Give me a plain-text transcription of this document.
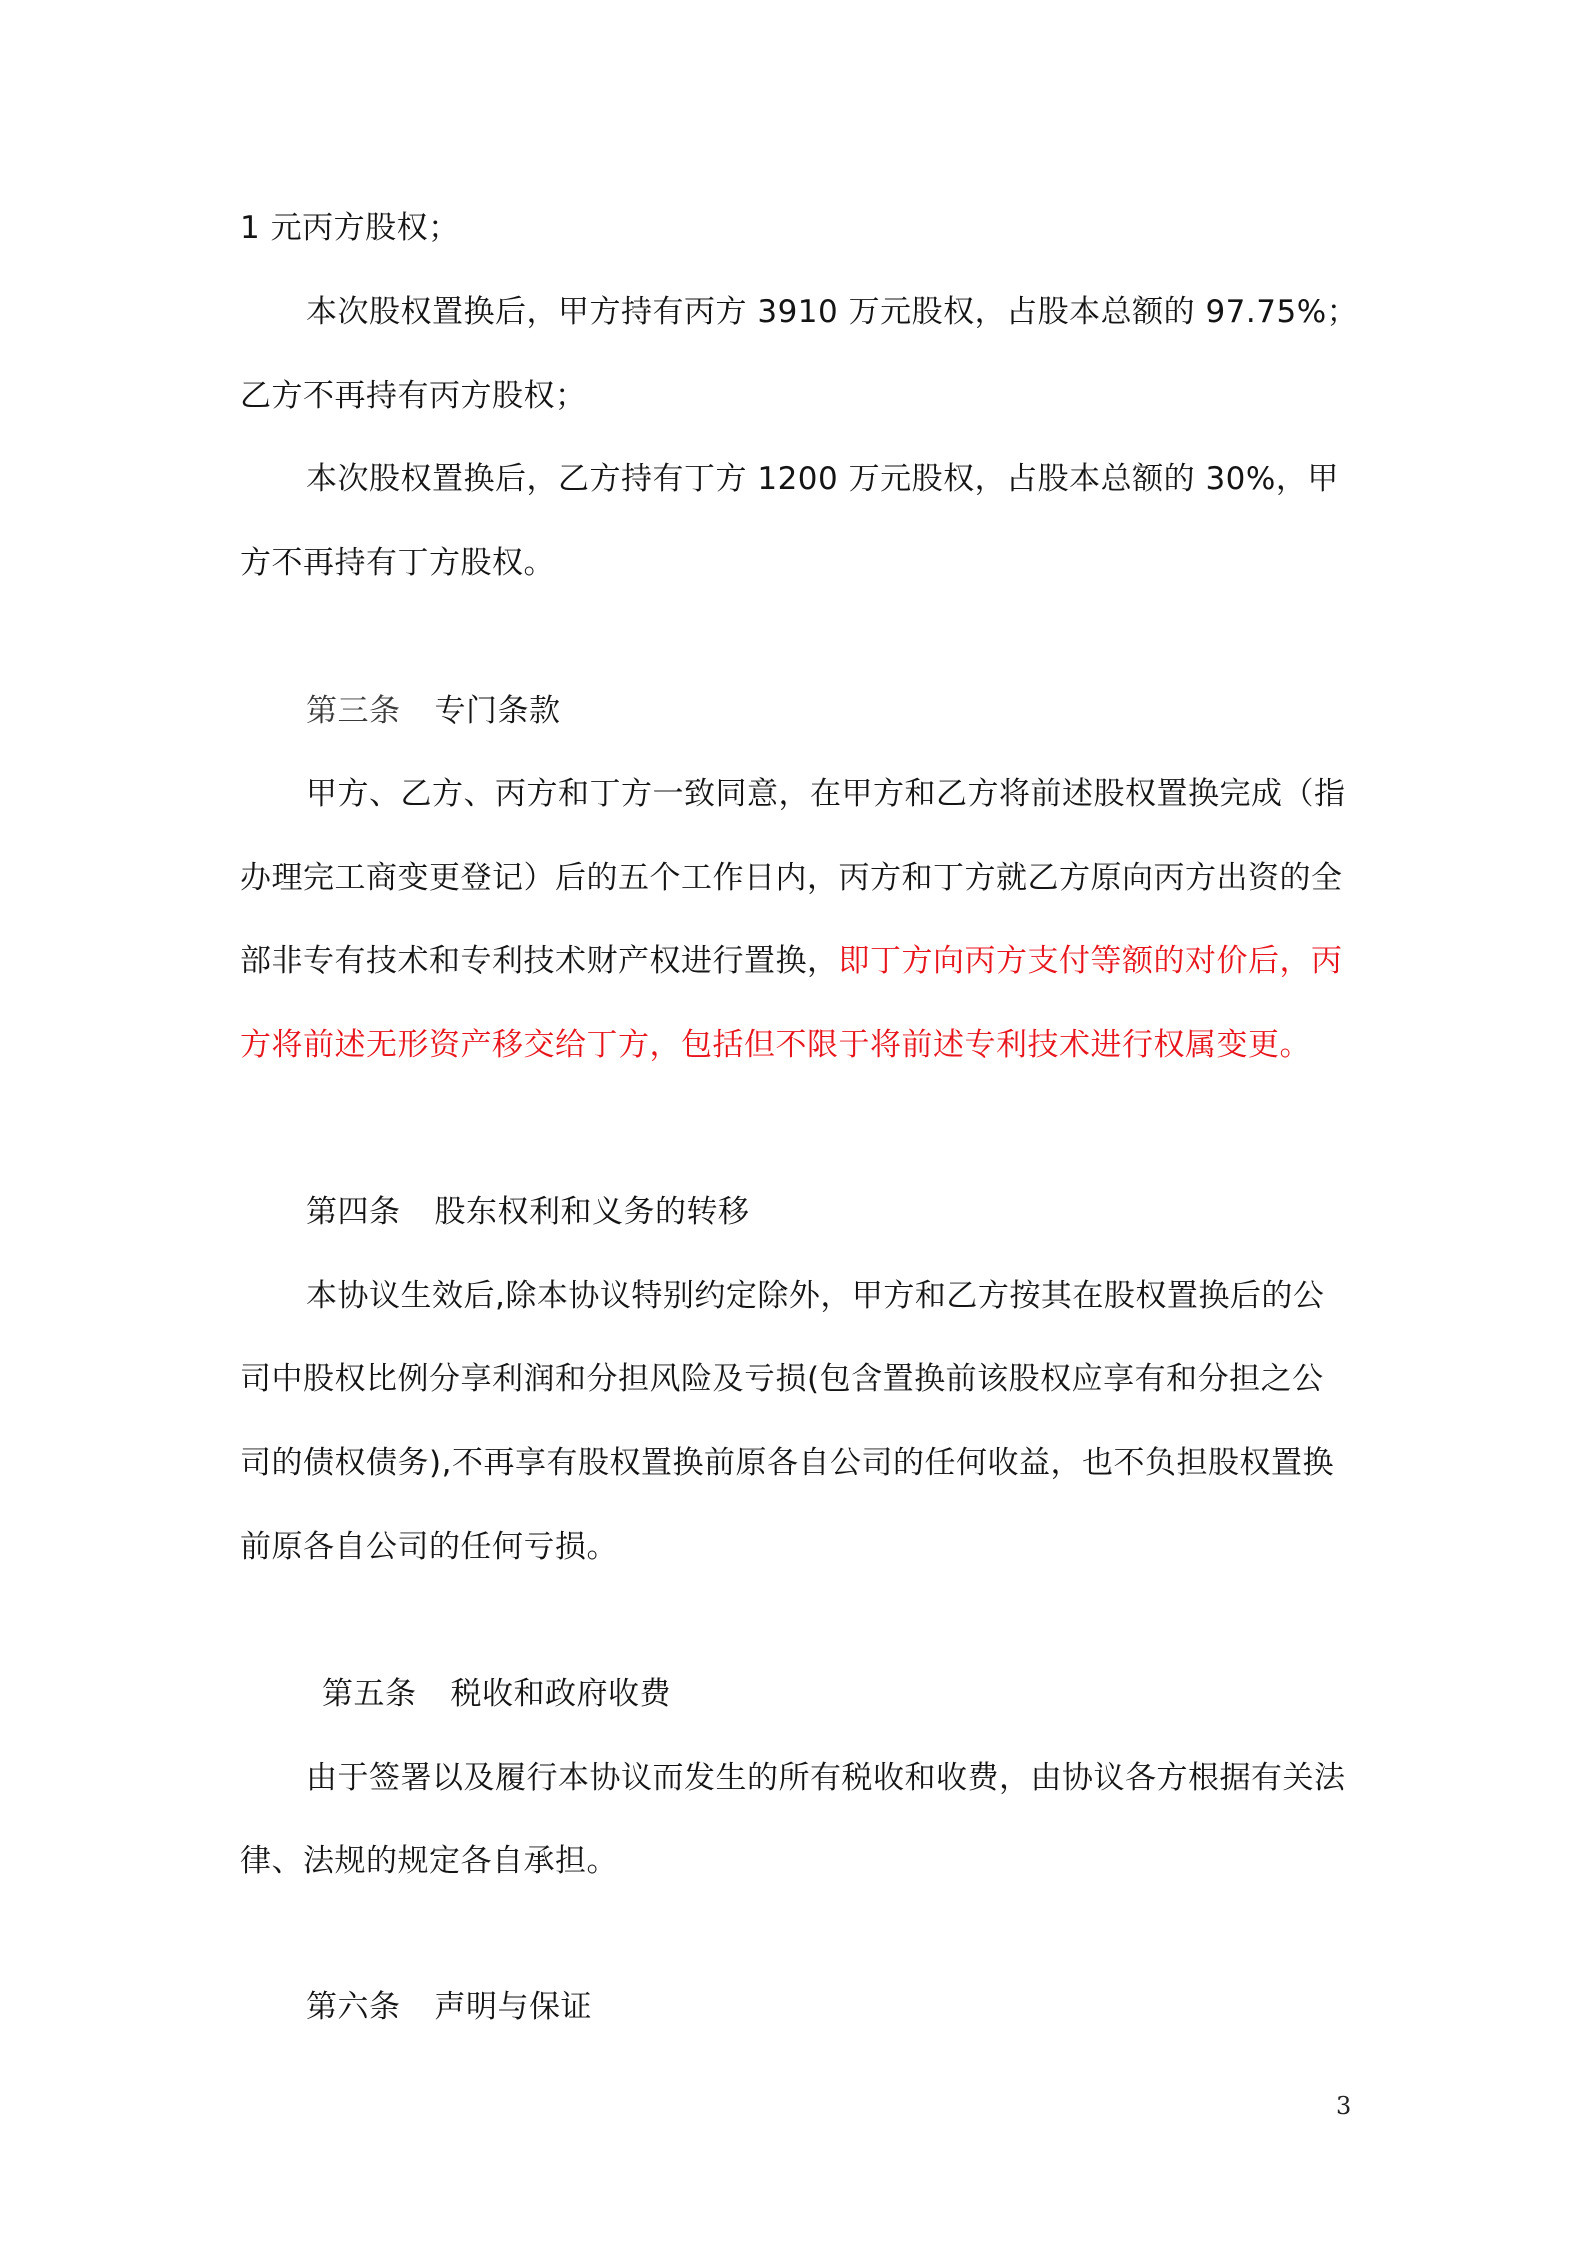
1 元丙方股权；
本次股权置换后，甲方持有丙方 3910 万元股权，占股本总额的 97.75%；
乙方不再持有丙方股权；
本次股权置换后，乙方持有丁方 1200 万元股权，占股本总额的 30%，甲
方不再持有丁方股权。
第三条 专门条款
甲方、乙方、丙方和丁方一致同意，在甲方和乙方将前述股权置换完成（指
办理完工商变更登记）后的五个工作日内，丙方和丁方就乙方原向丙方出资的全
部非专有技术和专利技术财产权进行置换，即丁方向丙方支付等额的对价后，丙
方将前述无形资产移交给丁方，包括但不限于将前述专利技术进行权属变更。
第四条 股东权利和义务的转移
本协议生效后,除本协议特别约定除外，甲方和乙方按其在股权置换后的公
司中股权比例分享利润和分担风险及亏损(包含置换前该股权应享有和分担之公
司的债权债务),不再享有股权置换前原各自公司的任何收益，也不负担股权置换
前原各自公司的任何亏损。
第五条 税收和政府收费
由于签署以及履行本协议而发生的所有税收和收费，由协议各方根据有关法
律、法规的规定各自承担。
第六条 声明与保证
3
